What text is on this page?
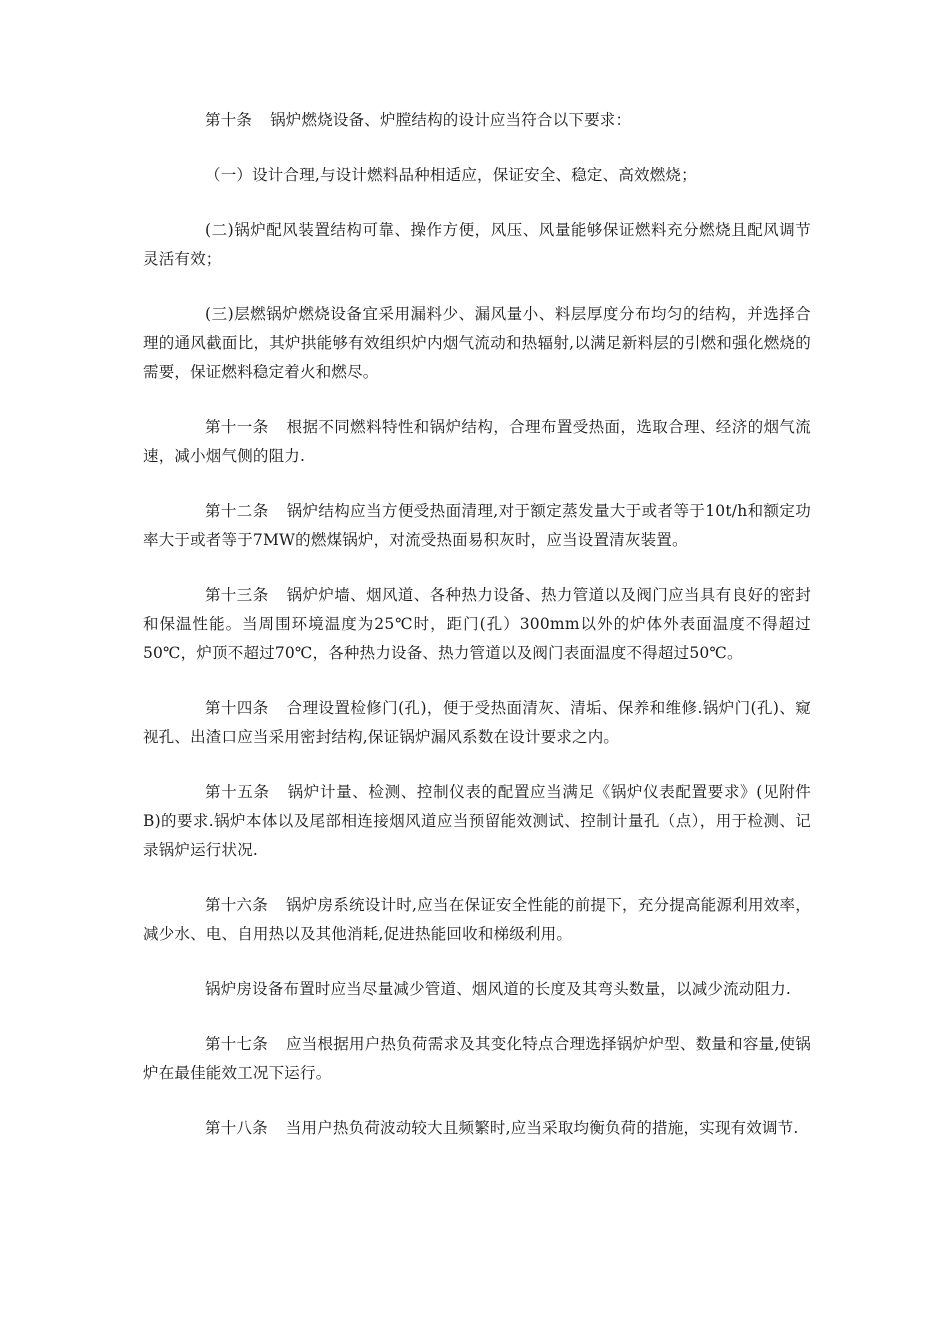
第十条 锅炉燃烧设备、炉膛结构的设计应当符合以下要求：

（一）设计合理,与设计燃料品种相适应，保证安全、稳定、高效燃烧；

(二)锅炉配风装置结构可靠、操作方便，风压、风量能够保证燃料充分燃烧且配风调节灵活有效；

(三)层燃锅炉燃烧设备宜采用漏料少、漏风量小、料层厚度分布均匀的结构，并选择合理的通风截面比，其炉拱能够有效组织炉内烟气流动和热辐射,以满足新料层的引燃和强化燃烧的需要，保证燃料稳定着火和燃尽。

第十一条 根据不同燃料特性和锅炉结构，合理布置受热面，选取合理、经济的烟气流速，减小烟气侧的阻力.

第十二条 锅炉结构应当方便受热面清理,对于额定蒸发量大于或者等于10t/h和额定功率大于或者等于7MW的燃煤锅炉，对流受热面易积灰时，应当设置清灰装置。

第十三条 锅炉炉墙、烟风道、各种热力设备、热力管道以及阀门应当具有良好的密封和保温性能。当周围环境温度为25℃时，距门(孔）300mm以外的炉体外表面温度不得超过50℃，炉顶不超过70℃，各种热力设备、热力管道以及阀门表面温度不得超过50℃。

第十四条 合理设置检修门(孔)，便于受热面清灰、清垢、保养和维修.锅炉门(孔)、窥视孔、出渣口应当采用密封结构,保证锅炉漏风系数在设计要求之内。

第十五条 锅炉计量、检测、控制仪表的配置应当满足《锅炉仪表配置要求》(见附件B)的要求.锅炉本体以及尾部相连接烟风道应当预留能效测试、控制计量孔（点），用于检测、记录锅炉运行状况.

第十六条 锅炉房系统设计时,应当在保证安全性能的前提下，充分提高能源利用效率，减少水、电、自用热以及其他消耗,促进热能回收和梯级利用。

锅炉房设备布置时应当尽量减少管道、烟风道的长度及其弯头数量，以减少流动阻力.

第十七条 应当根据用户热负荷需求及其变化特点合理选择锅炉炉型、数量和容量,使锅炉在最佳能效工况下运行。

第十八条 当用户热负荷波动较大且频繁时,应当采取均衡负荷的措施，实现有效调节.
